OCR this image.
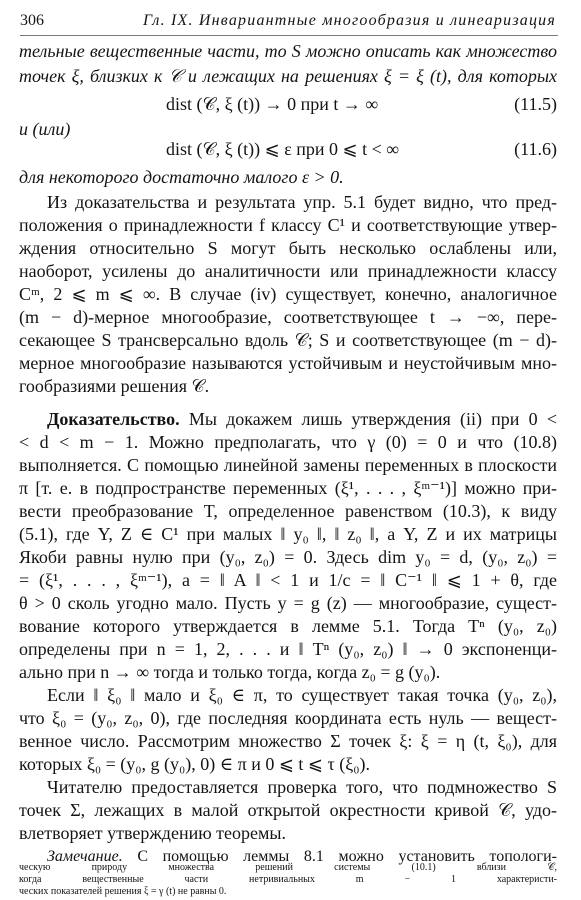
306	Гл. IX. Инвариантные многообразия и линеаризация
тельные вещественные части, то S можно описать как множество
точек ξ, близких к 𝒞 и лежащих на решениях ξ = ξ (t), для которых
dist (𝒞, ξ (t)) → 0 при t → ∞	(11.5)
и (или)
dist (𝒞, ξ (t)) ⩽ ε при 0 ⩽ t < ∞	(11.6)
для некоторого достаточно малого ε > 0.
Из доказательства и результата упр. 5.1 будет видно, что пред-
положения о принадлежности f классу C¹ и соответствующие утвер-
ждения относительно S могут быть несколько ослаблены или,
наоборот, усилены до аналитичности или принадлежности классу
Cᵐ, 2 ⩽ m ⩽ ∞. В случае (iv) существует, конечно, аналогичное
(m − d)-мерное многообразие, соответствующее t → −∞, пере-
секающее S трансверсально вдоль 𝒞; S и соответствующее (m − d)-
мерное многообразие называются устойчивым и неустойчивым мно-
гообразиями решения 𝒞.
Доказательство. Мы докажем лишь утверждения (ii) при 0 <
< d < m − 1. Можно предполагать, что γ (0) = 0 и что (10.8)
выполняется. С помощью линейной замены переменных в плоскости
π [т. е. в подпространстве переменных (ξ¹, . . . , ξᵐ⁻¹)] можно при-
вести преобразование T, определенное равенством (10.3), к виду
(5.1), где Y, Z ∈ C¹ при малых ‖ y₀ ‖, ‖ z₀ ‖, а Y, Z и их матрицы
Якоби равны нулю при (y₀, z₀) = 0. Здесь dim y₀ = d, (y₀, z₀) =
= (ξ¹, . . . , ξᵐ⁻¹), a = ‖ A ‖ < 1 и 1/c = ‖ C⁻¹ ‖ ⩽ 1 + θ, где
θ > 0 сколь угодно мало. Пусть y = g (z) — многообразие, сущест-
вование которого утверждается в лемме 5.1. Тогда Tⁿ (y₀, z₀)
определены при n = 1, 2, . . . и ‖ Tⁿ (y₀, z₀) ‖ → 0 экспоненци-
ально при n → ∞ тогда и только тогда, когда z₀ = g (y₀).
Если ‖ ξ₀ ‖ мало и ξ₀ ∈ π, то существует такая точка (y₀, z₀),
что ξ₀ = (y₀, z₀, 0), где последняя координата есть нуль — вещест-
венное число. Рассмотрим множество Σ точек ξ: ξ = η (t, ξ₀), для
которых ξ₀ = (y₀, g (y₀), 0) ∈ π и 0 ⩽ t ⩽ τ (ξ₀).
Читателю предоставляется проверка того, что подмножество S
точек Σ, лежащих в малой открытой окрестности кривой 𝒞, удо-
влетворяет утверждению теоремы.
Замечание. С помощью леммы 8.1 можно установить топологи-
ческую природу множества решений системы (10.1) вблизи 𝒞,
когда вещественные части нетривиальных m − 1 характеристи-
ческих показателей решения ξ = γ (t) не равны 0.
